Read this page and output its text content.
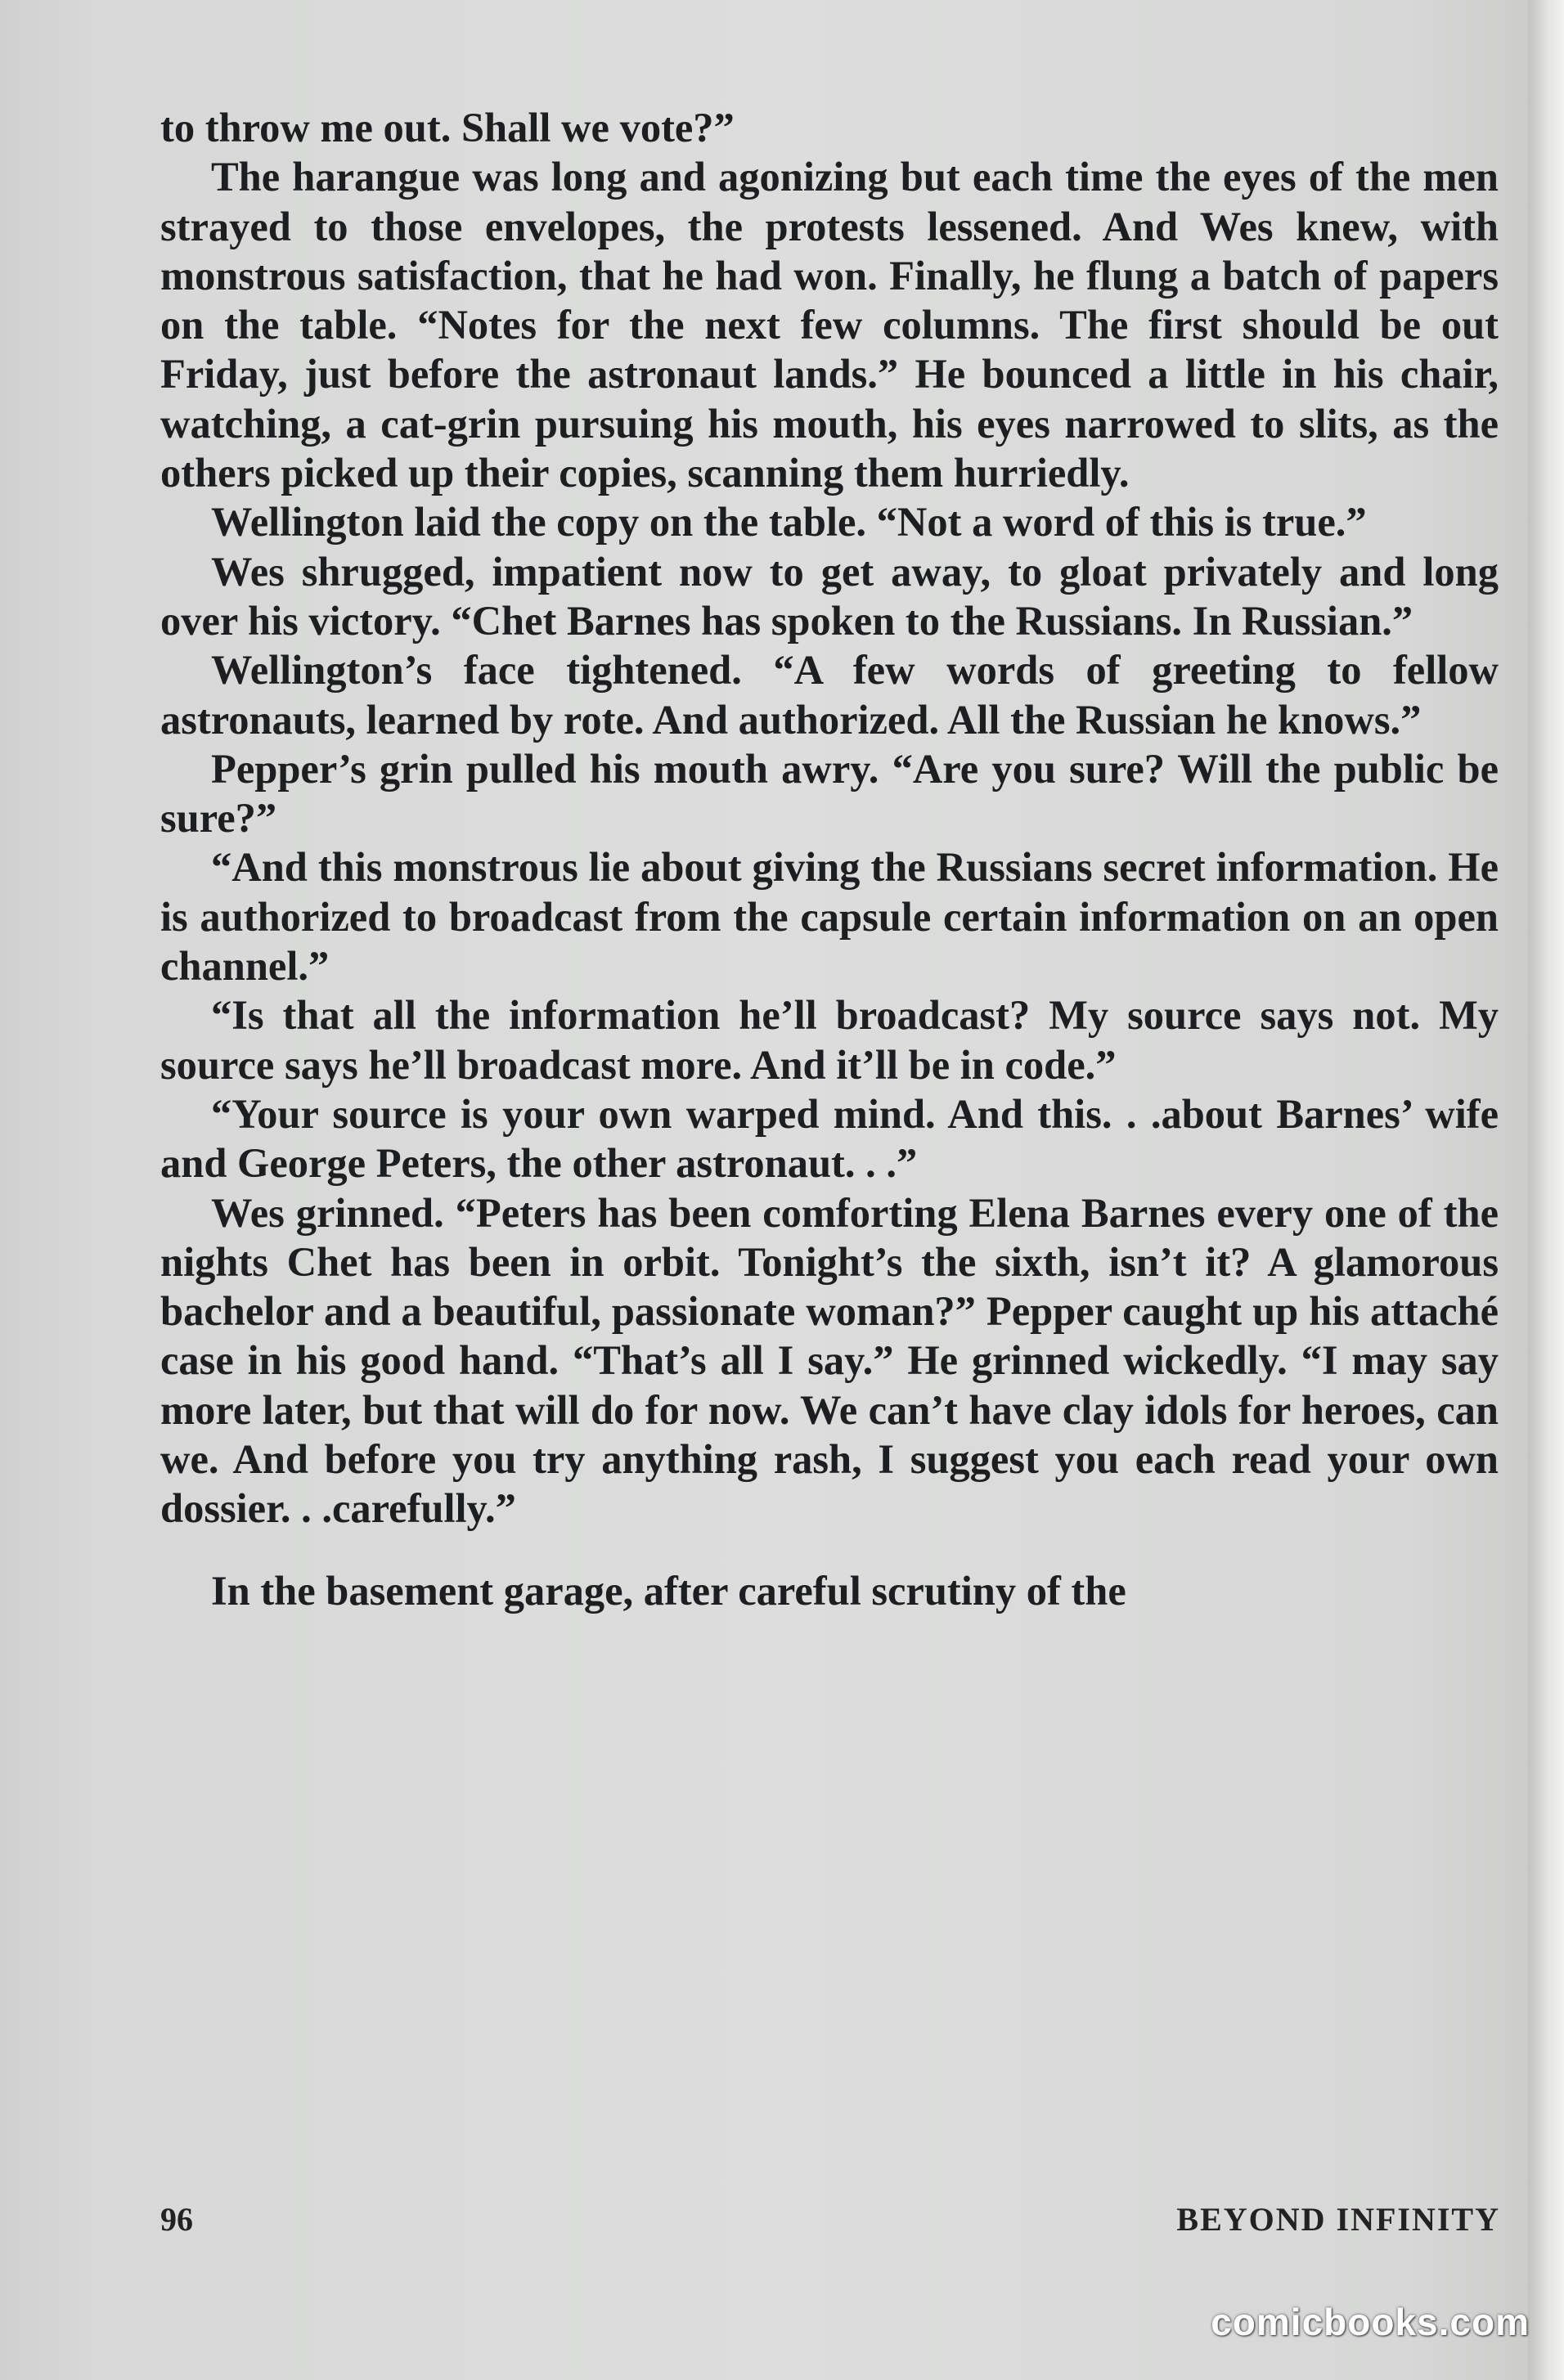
to throw me out. Shall we vote?”

The harangue was long and agonizing but each time the eyes of the men strayed to those envelopes, the protests lessened. And Wes knew, with monstrous satisfaction, that he had won. Finally, he flung a batch of papers on the table. “Notes for the next few columns. The first should be out Friday, just before the astronaut lands.” He bounced a little in his chair, watching, a cat-grin pursuing his mouth, his eyes narrowed to slits, as the others picked up their copies, scanning them hurriedly.

Wellington laid the copy on the table. “Not a word of this is true.”

Wes shrugged, impatient now to get away, to gloat privately and long over his victory. “Chet Barnes has spoken to the Russians. In Russian.”

Wellington’s face tightened. “A few words of greeting to fellow astronauts, learned by rote. And authorized. All the Russian he knows.”

Pepper’s grin pulled his mouth awry. “Are you sure? Will the public be sure?”

“And this monstrous lie about giving the Russians secret information. He is authorized to broadcast from the capsule certain information on an open channel.”

“Is that all the information he’ll broadcast? My source says not. My source says he’ll broadcast more. And it’ll be in code.”

“Your source is your own warped mind. And this. . .about Barnes’ wife and George Peters, the other astronaut. . .”

Wes grinned. “Peters has been comforting Elena Barnes every one of the nights Chet has been in orbit. Tonight’s the sixth, isn’t it? A glamorous bachelor and a beautiful, passionate woman?” Pepper caught up his attaché case in his good hand. “That’s all I say.” He grinned wickedly. “I may say more later, but that will do for now. We can’t have clay idols for heroes, can we. And before you try anything rash, I suggest you each read your own dossier. . .carefully.”

In the basement garage, after careful scrutiny of the

96	BEYOND INFINITY
comicbooks.com
